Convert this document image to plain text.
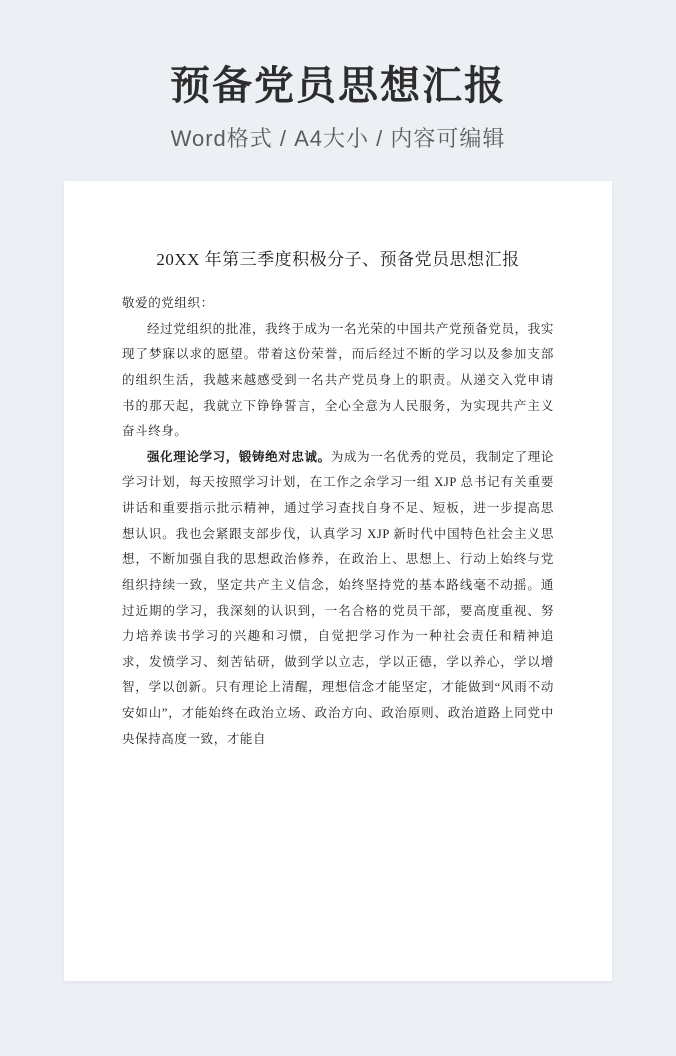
预备党员思想汇报
Word格式 / A4大小 / 内容可编辑
20XX 年第三季度积极分子、预备党员思想汇报
敬爱的党组织：
经过党组织的批准，我终于成为一名光荣的中国共产党预备党员，我实现了梦寐以求的愿望。带着这份荣誉，而后经过不断的学习以及参加支部的组织生活，我越来越感受到一名共产党员身上的职责。从递交入党申请书的那天起，我就立下铮铮誓言，全心全意为人民服务，为实现共产主义奋斗终身。
强化理论学习，锻铸绝对忠诚。为成为一名优秀的党员，我制定了理论学习计划，每天按照学习计划，在工作之余学习一组 XJP 总书记有关重要讲话和重要指示批示精神，通过学习查找自身不足、短板，进一步提高思想认识。我也会紧跟支部步伐，认真学习 XJP 新时代中国特色社会主义思想，不断加强自我的思想政治修养，在政治上、思想上、行动上始终与党组织持续一致，坚定共产主义信念，始终坚持党的基本路线毫不动摇。通过近期的学习，我深刻的认识到，一名合格的党员干部，要高度重视、努力培养读书学习的兴趣和习惯，自觉把学习作为一种社会责任和精神追求，发愤学习、刻苦钻研，做到学以立志，学以正德，学以养心，学以增智，学以创新。只有理论上清醒，理想信念才能坚定，才能做到“风雨不动安如山”，才能始终在政治立场、政治方向、政治原则、政治道路上同党中央保持高度一致，才能自
